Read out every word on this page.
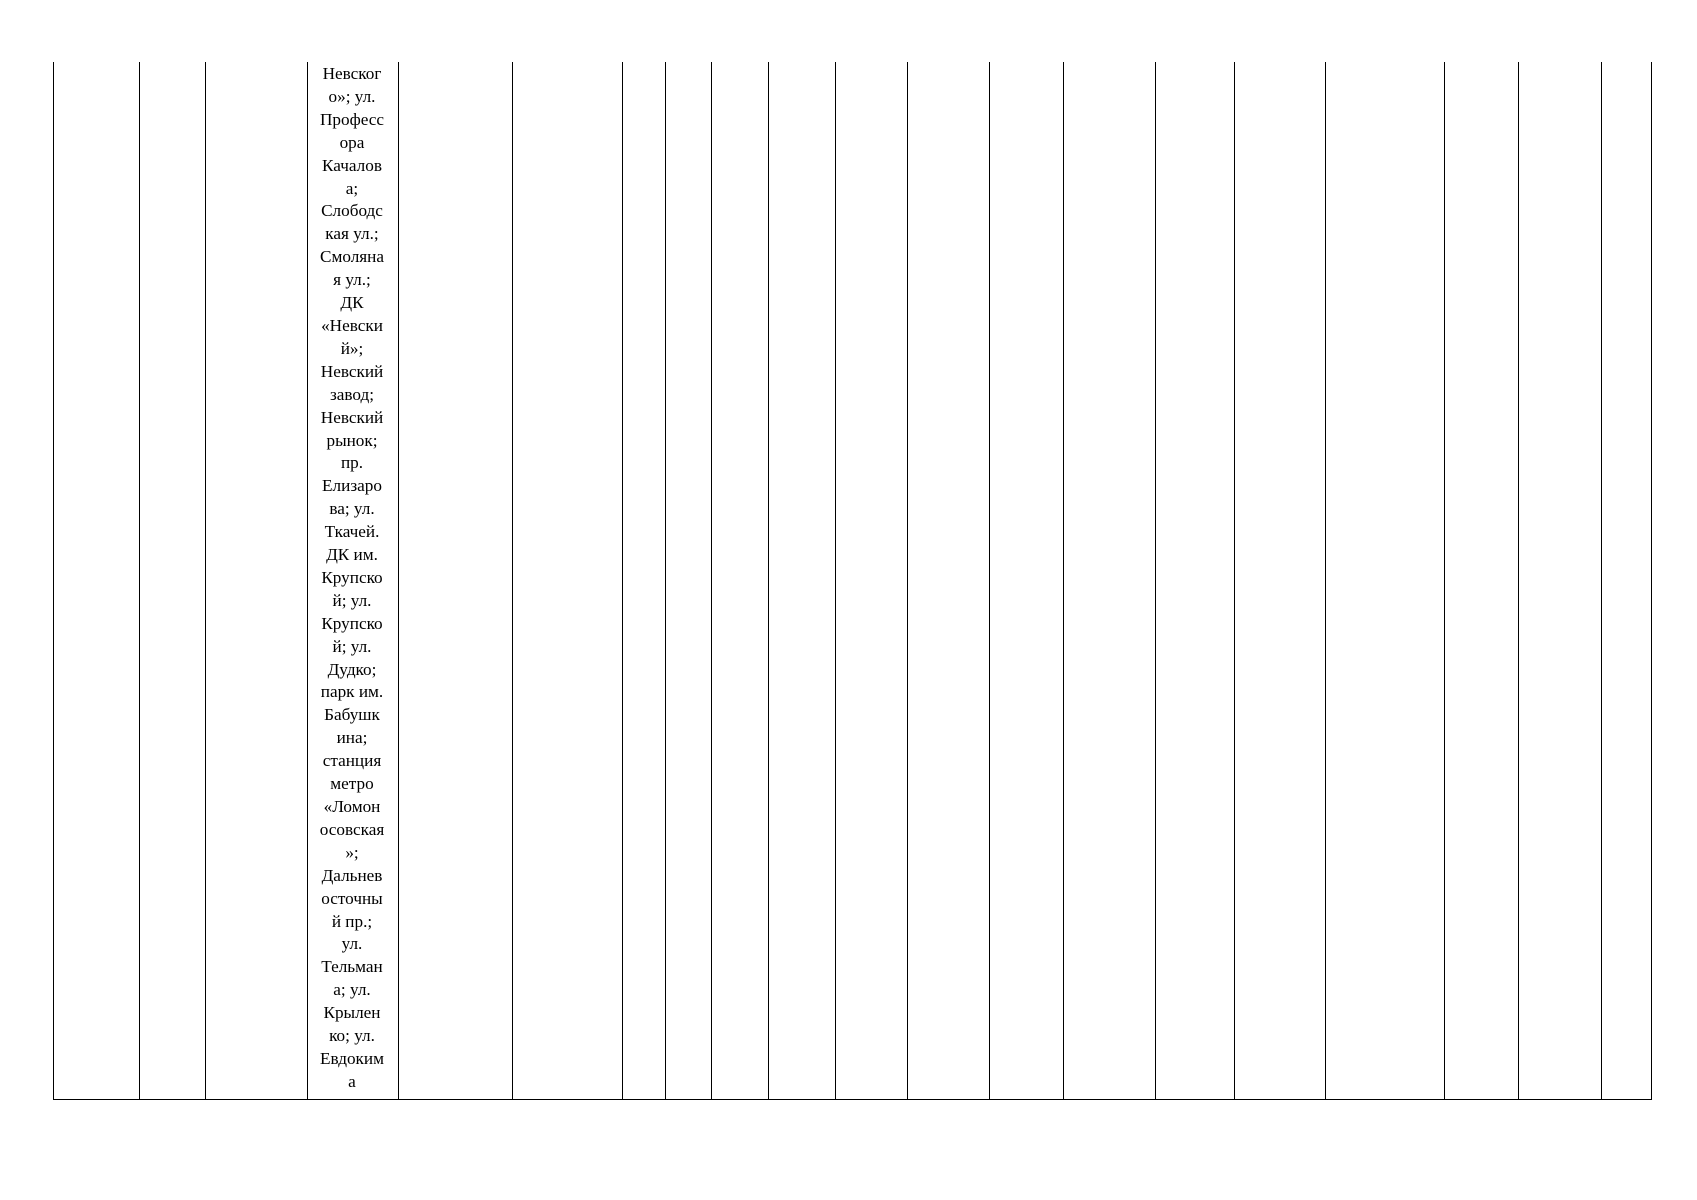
Невског
о»; ул.
Професс
ора
Качалов
а;
Слободс
кая ул.;
Смоляна
я ул.;
ДК
«Невски
й»;
Невский
завод;
Невский
рынок;
пр.
Елизаро
ва; ул.
Ткачей.
ДК им.
Крупско
й; ул.
Крупско
й; ул.
Дудко;
парк им.
Бабушк
ина;
станция
метро
«Ломон
осовская
»;
Дальнев
осточны
й пр.;
ул.
Тельман
а; ул.
Крылен
ко; ул.
Евдоким
а
